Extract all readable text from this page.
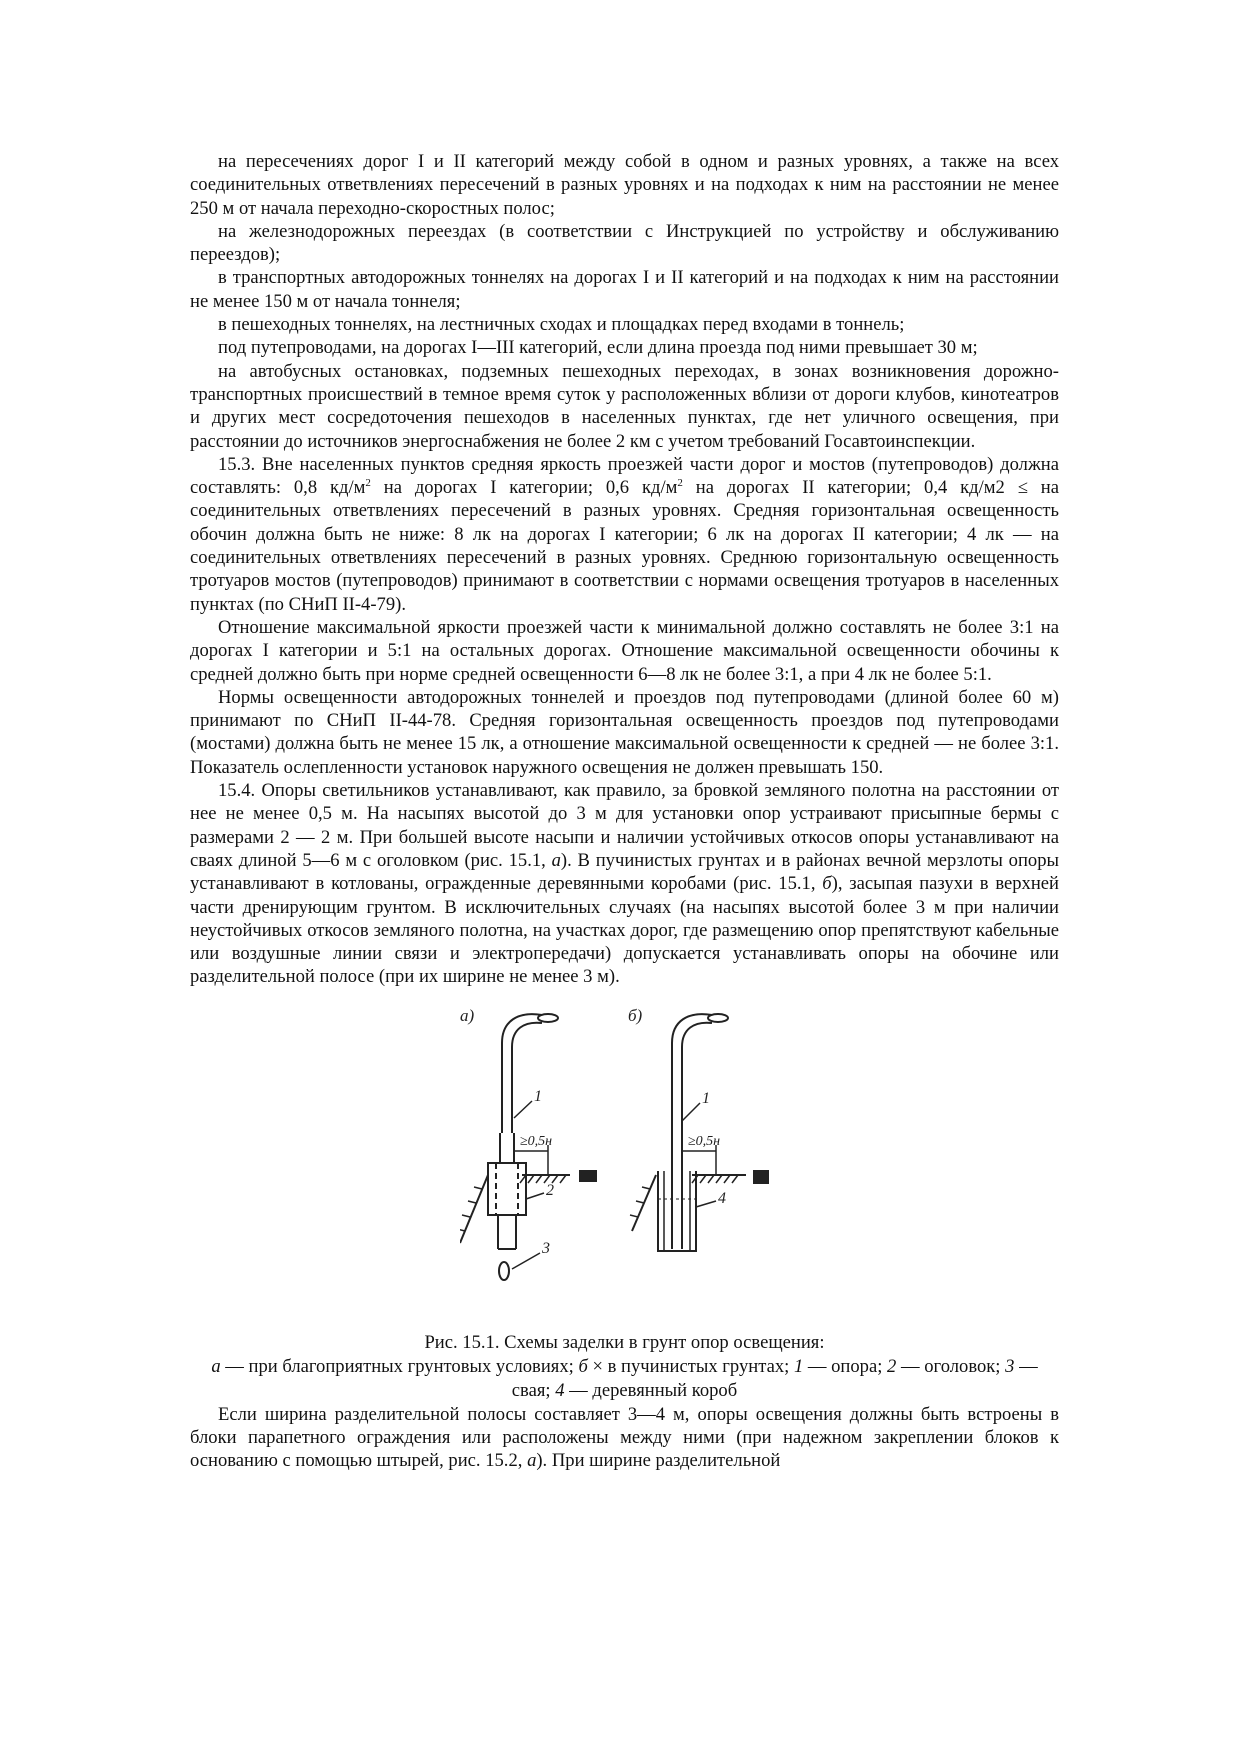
на пересечениях дорог I и II категорий между собой в одном и разных уровнях, а также на всех соединительных ответвлениях пересечений в разных уровнях и на подходах к ним на расстоянии не менее 250 м от начала переходно-скоростных полос;

на железнодорожных переездах (в соответствии с Инструкцией по устройству и обслуживанию переездов);

в транспортных автодорожных тоннелях на дорогах I и II категорий и на подходах к ним на расстоянии не менее 150 м от начала тоннеля;

в пешеходных тоннелях, на лестничных сходах и площадках перед входами в тоннель;

под путепроводами, на дорогах I—III категорий, если длина проезда под ними превышает 30 м;

на автобусных остановках, подземных пешеходных переходах, в зонах возникновения дорожно-транспортных происшествий в темное время суток у расположенных вблизи от дороги клубов, кинотеатров и других мест сосредоточения пешеходов в населенных пунктах, где нет уличного освещения, при расстоянии до источников энергоснабжения не более 2 км с учетом требований Госавтоинспекции.

15.3. Вне населенных пунктов средняя яркость проезжей части дорог и мостов (путепроводов) должна составлять: 0,8 $кд/м^2$ на дорогах I категории; 0,6 $кд/м^2$ на дорогах II категории; 0,4 кд/м2 ≤ на соединительных ответвлениях пересечений в разных уровнях. Средняя горизонтальная освещенность обочин должна быть не ниже: 8 лк на дорогах I категории; 6 лк на дорогах II категории; 4 лк — на соединительных ответвлениях пересечений в разных уровнях. Среднюю горизонтальную освещенность тротуаров мостов (путепроводов) принимают в соответствии с нормами освещения тротуаров в населенных пунктах (по СНиП II-4-79).

Отношение максимальной яркости проезжей части к минимальной должно составлять не более 3:1 на дорогах I категории и 5:1 на остальных дорогах. Отношение максимальной освещенности обочины к средней должно быть при норме средней освещенности 6—8 лк не более 3:1, а при 4 лк не более 5:1.

Нормы освещенности автодорожных тоннелей и проездов под путепроводами (длиной более 60 м) принимают по СНиП II-44-78. Средняя горизонтальная освещенность проездов под путепроводами (мостами) должна быть не менее 15 лк, а отношение максимальной освещенности к средней — не более 3:1. Показатель ослепленности установок наружного освещения не должен превышать 150.

15.4. Опоры светильников устанавливают, как правило, за бровкой земляного полотна на расстоянии от нее не менее 0,5 м. На насыпях высотой до 3 м для установки опор устраивают присыпные бермы с размерами 2 — 2 м. При большей высоте насыпи и наличии устойчивых откосов опоры устанавливают на сваях длиной 5—6 м с оголовком (рис. 15.1, а). В пучинистых грунтах и в районах вечной мерзлоты опоры устанавливают в котлованы, огражденные деревянными коробами (рис. 15.1, б), засыпая пазухи в верхней части дренирующим грунтом. В исключительных случаях (на насыпях высотой более 3 м при наличии неустойчивых откосов земляного полотна, на участках дорог, где размещению опор препятствуют кабельные или воздушные линии связи и электропередачи) допускается устанавливать опоры на обочине или разделительной полосе (при их ширине не менее 3 м).

а)
≥0,5н
1
2
3
б)
≥0,5н
1
4
Рис. 15.1. Схемы заделки в грунт опор освещения:
а — при благоприятных грунтовых условиях; б × в пучинистых грунтах; 1 — опора; 2 — оголовок; 3 — свая; 4 — деревянный короб

Если ширина разделительной полосы составляет 3—4 м, опоры освещения должны быть встроены в блоки парапетного ограждения или расположены между ними (при надежном закреплении блоков к основанию с помощью штырей, рис. 15.2, а). При ширине разделительной
